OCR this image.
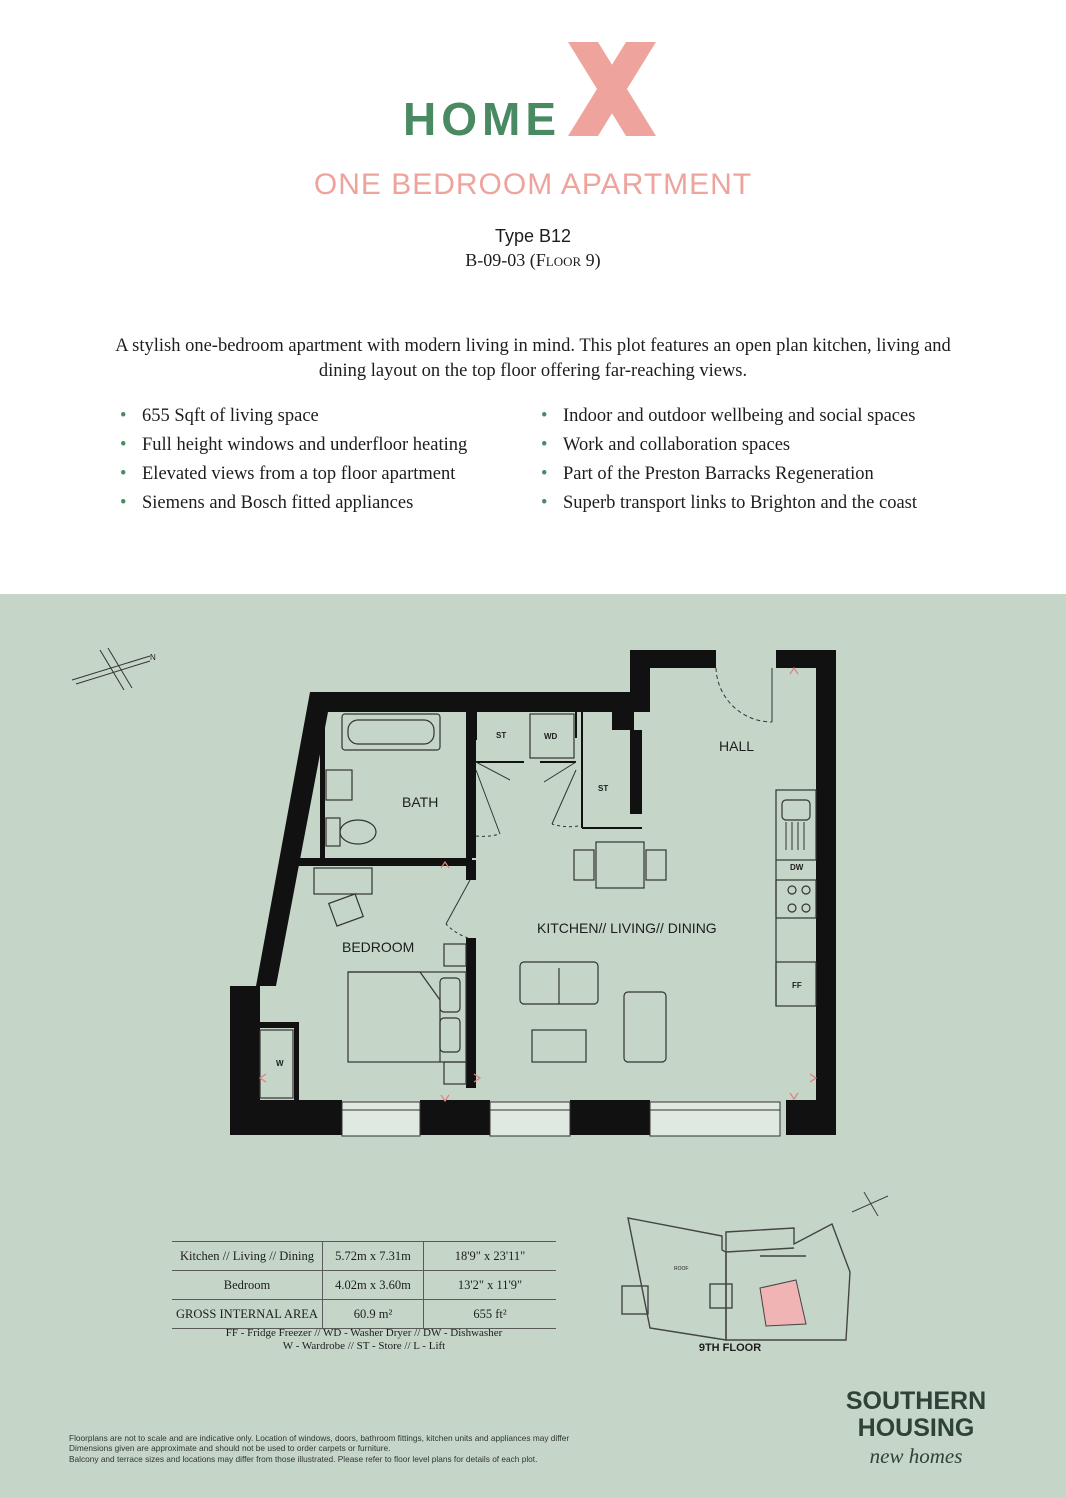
HOME
ONE BEDROOM APARTMENT
Type B12
B-09-03 (Floor 9)
A stylish one-bedroom apartment with modern living in mind. This plot features an open plan kitchen, living and dining layout on the top floor offering far-reaching views.
• 655 Sqft of living space
• Full height windows and underfloor heating
• Elevated views from a top floor apartment
• Siemens and Bosch fitted appliances
• Indoor and outdoor wellbeing and social spaces
• Work and collaboration spaces
• Part of the Preston Barracks Regeneration
• Superb transport links to Brighton and the coast
N
HALL
BATH
BEDROOM
KITCHEN// LIVING// DINING
ST	WD
ST
DW
FF
W
Kitchen // Living // Dining	5.72m x 7.31m	18'9" x 23'11"
Bedroom	4.02m x 3.60m	13'2" x 11'9"
GROSS INTERNAL AREA	60.9 m²	655 ft²
FF - Fridge Freezer // WD - Washer Dryer // DW - Dishwasher
W - Wardrobe // ST - Store // L - Lift
ROOF
9TH FLOOR
SOUTHERN
HOUSING
new homes
Floorplans are not to scale and are indicative only. Location of windows, doors, bathroom fittings, kitchen units and appliances may differ
Dimensions given are approximate and should not be used to order carpets or furniture.
Balcony and terrace sizes and locations may differ from those illustrated. Please refer to floor level plans for details of each plot.
